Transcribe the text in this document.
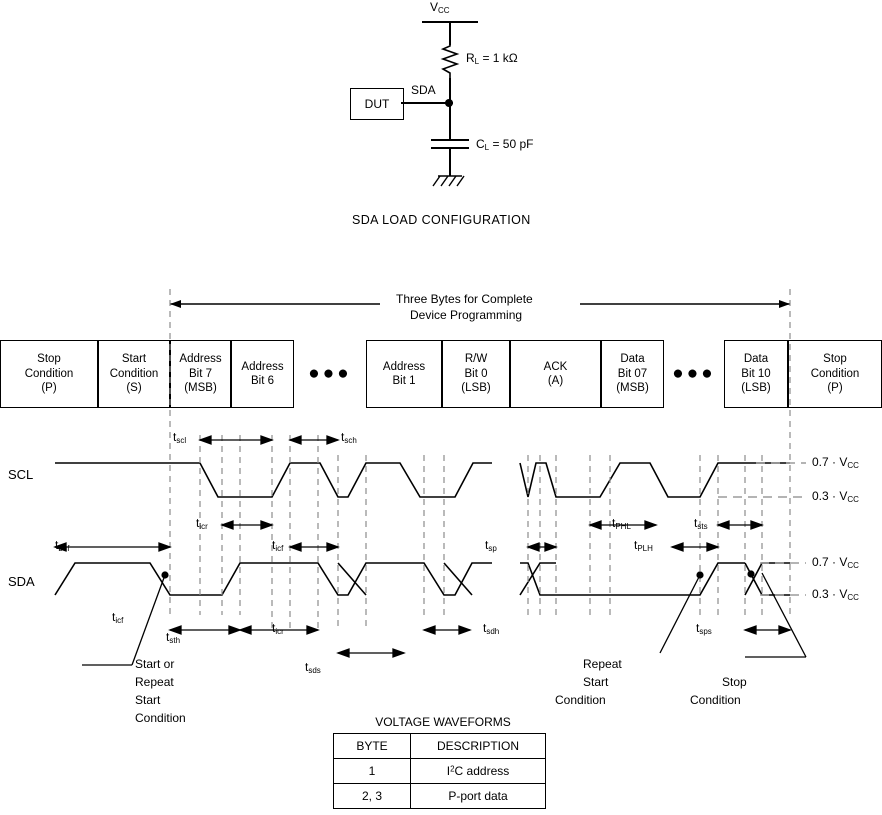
$V_{CC}$
$R_L = 1$ kΩ
DUT
SDA
$C_L = 50$ pF
SDA LOAD CONFIGURATION
Three Bytes for Complete
Device Programming
Stop
Condition
(P)
Start
Condition
(S)
Address
Bit 7
(MSB)
Address
Bit 6	●●●	Address
Bit 1
R/W
Bit 0
(LSB)
ACK
(A)
Data
Bit 07
(MSB)
●●●
Data
Bit 10
(LSB)
Stop
Condition
(P)
SCL
SDA
$0.7 \cdot V_{CC}$
$0.3 \cdot V_{CC}$
$0.7 \cdot V_{CC}$
$0.3 \cdot V_{CC}$
$t_{scl}$	$t_{sch}$
$t_{icr}$
$t_{icf}$
$t_{buf}$
$t_{icf}$
$t_{sth}$
$t_{icr}$
$t_{sds}$
$t_{sdh}$
$t_{sp}$
$t_{PHL}$
$t_{PLH}$
$t_{sts}$
$t_{sps}$
Start or
Repeat
Start
Condition
Repeat
Start
Condition
Stop
Condition
VOLTAGE WAVEFORMS
BYTE	DESCRIPTION
1	$I^2C$ address
2, 3	P-port data
